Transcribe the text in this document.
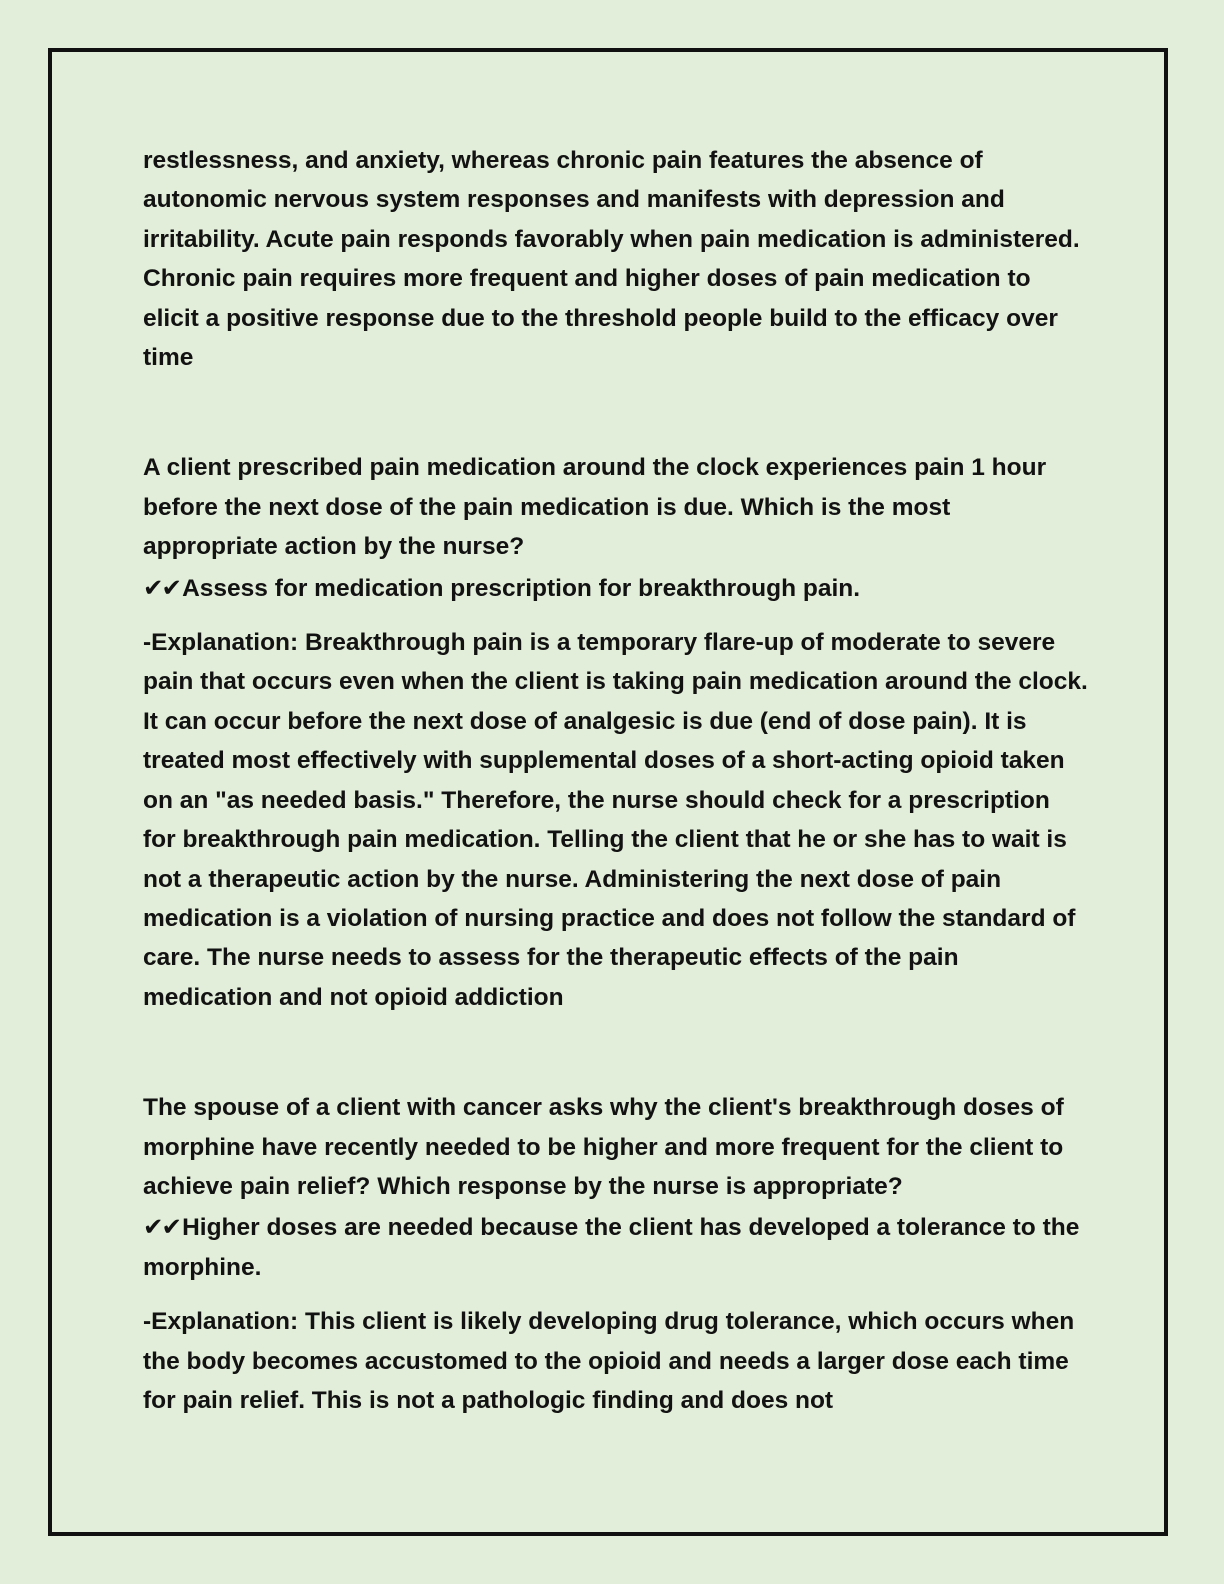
restlessness, and anxiety, whereas chronic pain features the absence of autonomic nervous system responses and manifests with depression and irritability. Acute pain responds favorably when pain medication is administered. Chronic pain requires more frequent and higher doses of pain medication to elicit a positive response due to the threshold people build to the efficacy over time

A client prescribed pain medication around the clock experiences pain 1 hour before the next dose of the pain medication is due. Which is the most appropriate action by the nurse?

✔✔Assess for medication prescription for breakthrough pain.

-Explanation: Breakthrough pain is a temporary flare-up of moderate to severe pain that occurs even when the client is taking pain medication around the clock. It can occur before the next dose of analgesic is due (end of dose pain). It is treated most effectively with supplemental doses of a short-acting opioid taken on an "as needed basis." Therefore, the nurse should check for a prescription for breakthrough pain medication. Telling the client that he or she has to wait is not a therapeutic action by the nurse. Administering the next dose of pain medication is a violation of nursing practice and does not follow the standard of care. The nurse needs to assess for the therapeutic effects of the pain medication and not opioid addiction

The spouse of a client with cancer asks why the client's breakthrough doses of morphine have recently needed to be higher and more frequent for the client to achieve pain relief? Which response by the nurse is appropriate?

✔✔Higher doses are needed because the client has developed a tolerance to the morphine.

-Explanation: This client is likely developing drug tolerance, which occurs when the body becomes accustomed to the opioid and needs a larger dose each time for pain relief. This is not a pathologic finding and does not
